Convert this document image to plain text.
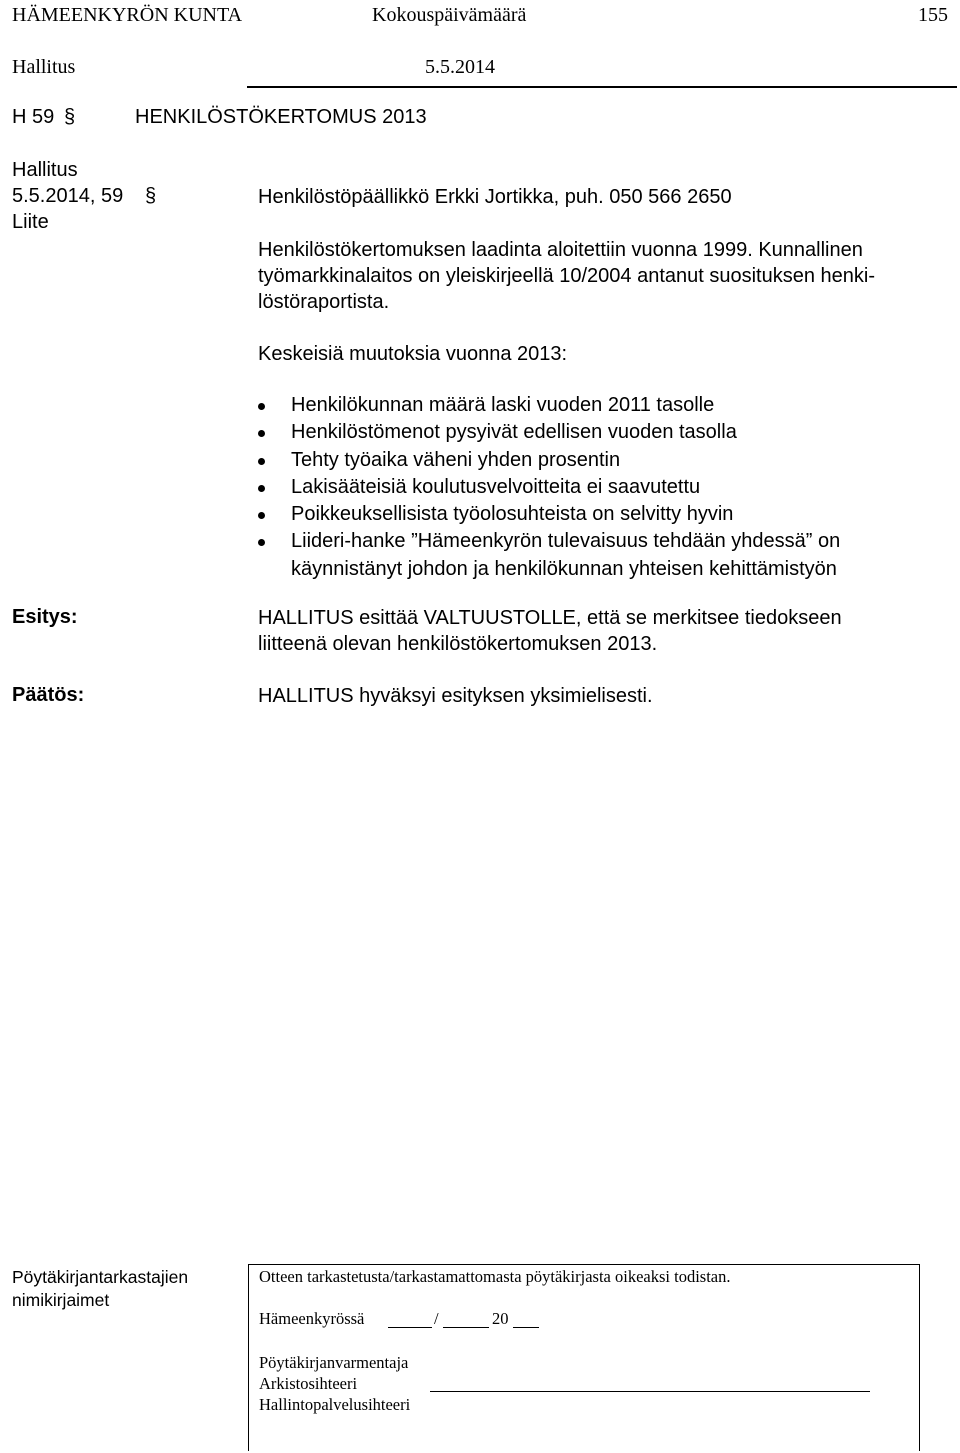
HÄMEENKYRÖN KUNTA	Kokouspäivämäärä	155
Hallitus	5.5.2014
H 59 §	HENKILÖSTÖKERTOMUS 2013
Hallitus
5.5.2014, 59 §
Liite
Henkilöstöpäällikkö Erkki Jortikka, puh. 050 566 2650
Henkilöstökertomuksen laadinta aloitettiin vuonna 1999. Kunnallinen
työmarkkinalaitos on yleiskirjeellä 10/2004 antanut suosituksen henki-
löstöraportista.
Keskeisiä muutoksia vuonna 2013:
Henkilökunnan määrä laski vuoden 2011 tasolle
Henkilöstömenot pysyivät edellisen vuoden tasolla
Tehty työaika väheni yhden prosentin
Lakisääteisiä koulutusvelvoitteita ei saavutettu
Poikkeuksellisista työolosuhteista on selvitty hyvin
Liideri-hanke ”Hämeenkyrön tulevaisuus tehdään yhdessä” on
käynnistänyt johdon ja henkilökunnan yhteisen kehittämistyön
Esitys:	HALLITUS esittää VALTUUSTOLLE, että se merkitsee tiedokseen
liitteenä olevan henkilöstökertomuksen 2013.
Päätös:	HALLITUS hyväksyi esityksen yksimielisesti.
Pöytäkirjantarkastajien
nimikirjaimet
Otteen tarkastetusta/tarkastamattomasta pöytäkirjasta oikeaksi todistan.
Hämeenkyrössä	/	20
Pöytäkirjanvarmentaja
Arkistosihteeri
Hallintopalvelusihteeri
